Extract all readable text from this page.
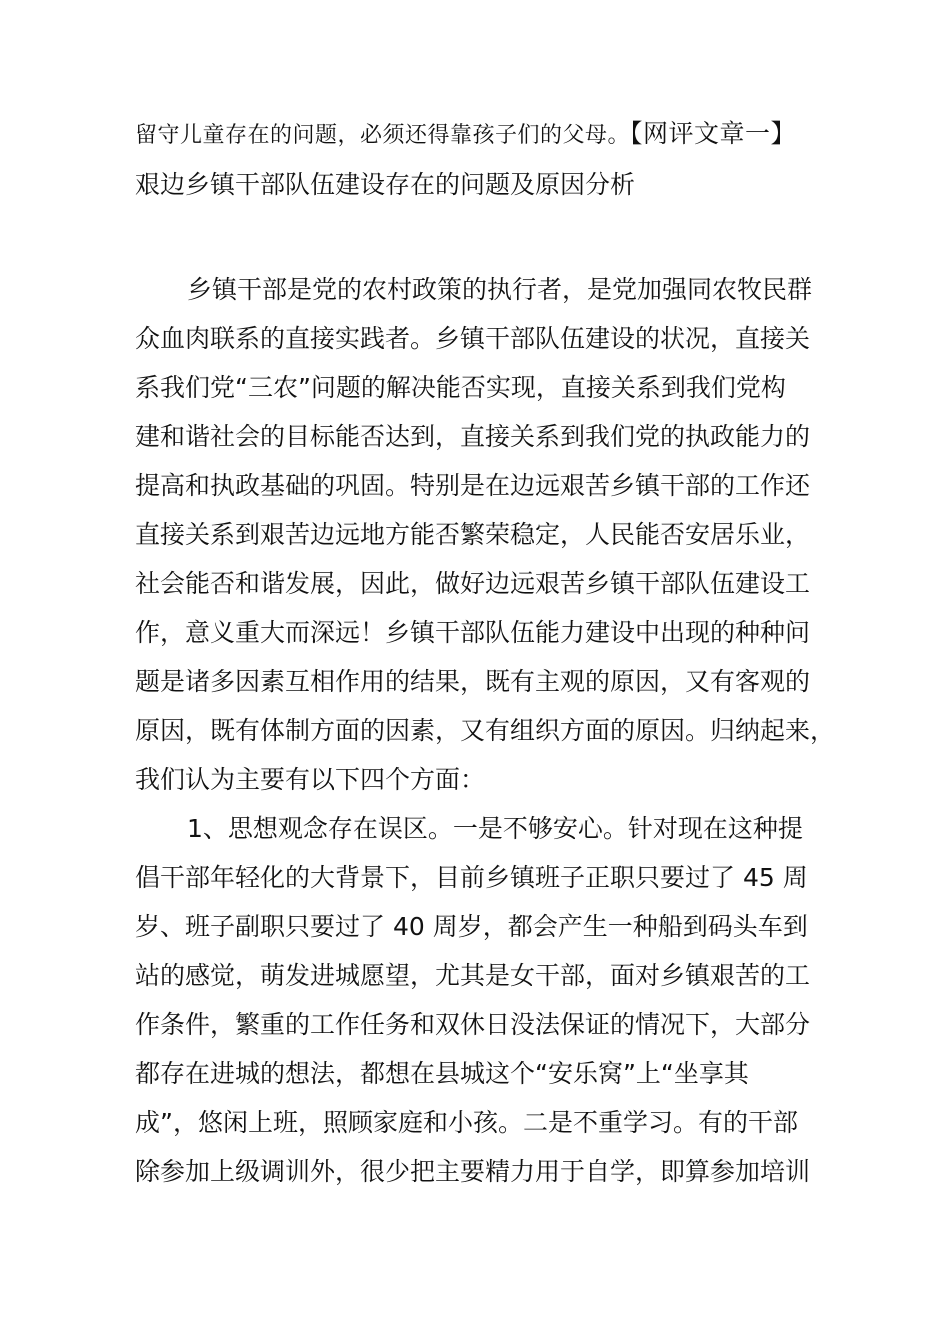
留守儿童存在的问题，必须还得靠孩子们的父母。【网评文章一】
艰边乡镇干部队伍建设存在的问题及原因分析
乡镇干部是党的农村政策的执行者，是党加强同农牧民群
众血肉联系的直接实践者。乡镇干部队伍建设的状况，直接关
系我们党“三农”问题的解决能否实现，直接关系到我们党构
建和谐社会的目标能否达到，直接关系到我们党的执政能力的
提高和执政基础的巩固。特别是在边远艰苦乡镇干部的工作还
直接关系到艰苦边远地方能否繁荣稳定，人民能否安居乐业，
社会能否和谐发展，因此，做好边远艰苦乡镇干部队伍建设工
作，意义重大而深远！乡镇干部队伍能力建设中出现的种种问
题是诸多因素互相作用的结果，既有主观的原因，又有客观的
原因，既有体制方面的因素，又有组织方面的原因。归纳起来，
我们认为主要有以下四个方面：
1、思想观念存在误区。一是不够安心。针对现在这种提
倡干部年轻化的大背景下，目前乡镇班子正职只要过了 45 周
岁、班子副职只要过了 40 周岁，都会产生一种船到码头车到
站的感觉，萌发进城愿望，尤其是女干部，面对乡镇艰苦的工
作条件，繁重的工作任务和双休日没法保证的情况下，大部分
都存在进城的想法，都想在县城这个“安乐窝”上“坐享其
成”，悠闲上班，照顾家庭和小孩。二是不重学习。有的干部
除参加上级调训外，很少把主要精力用于自学，即算参加培训
